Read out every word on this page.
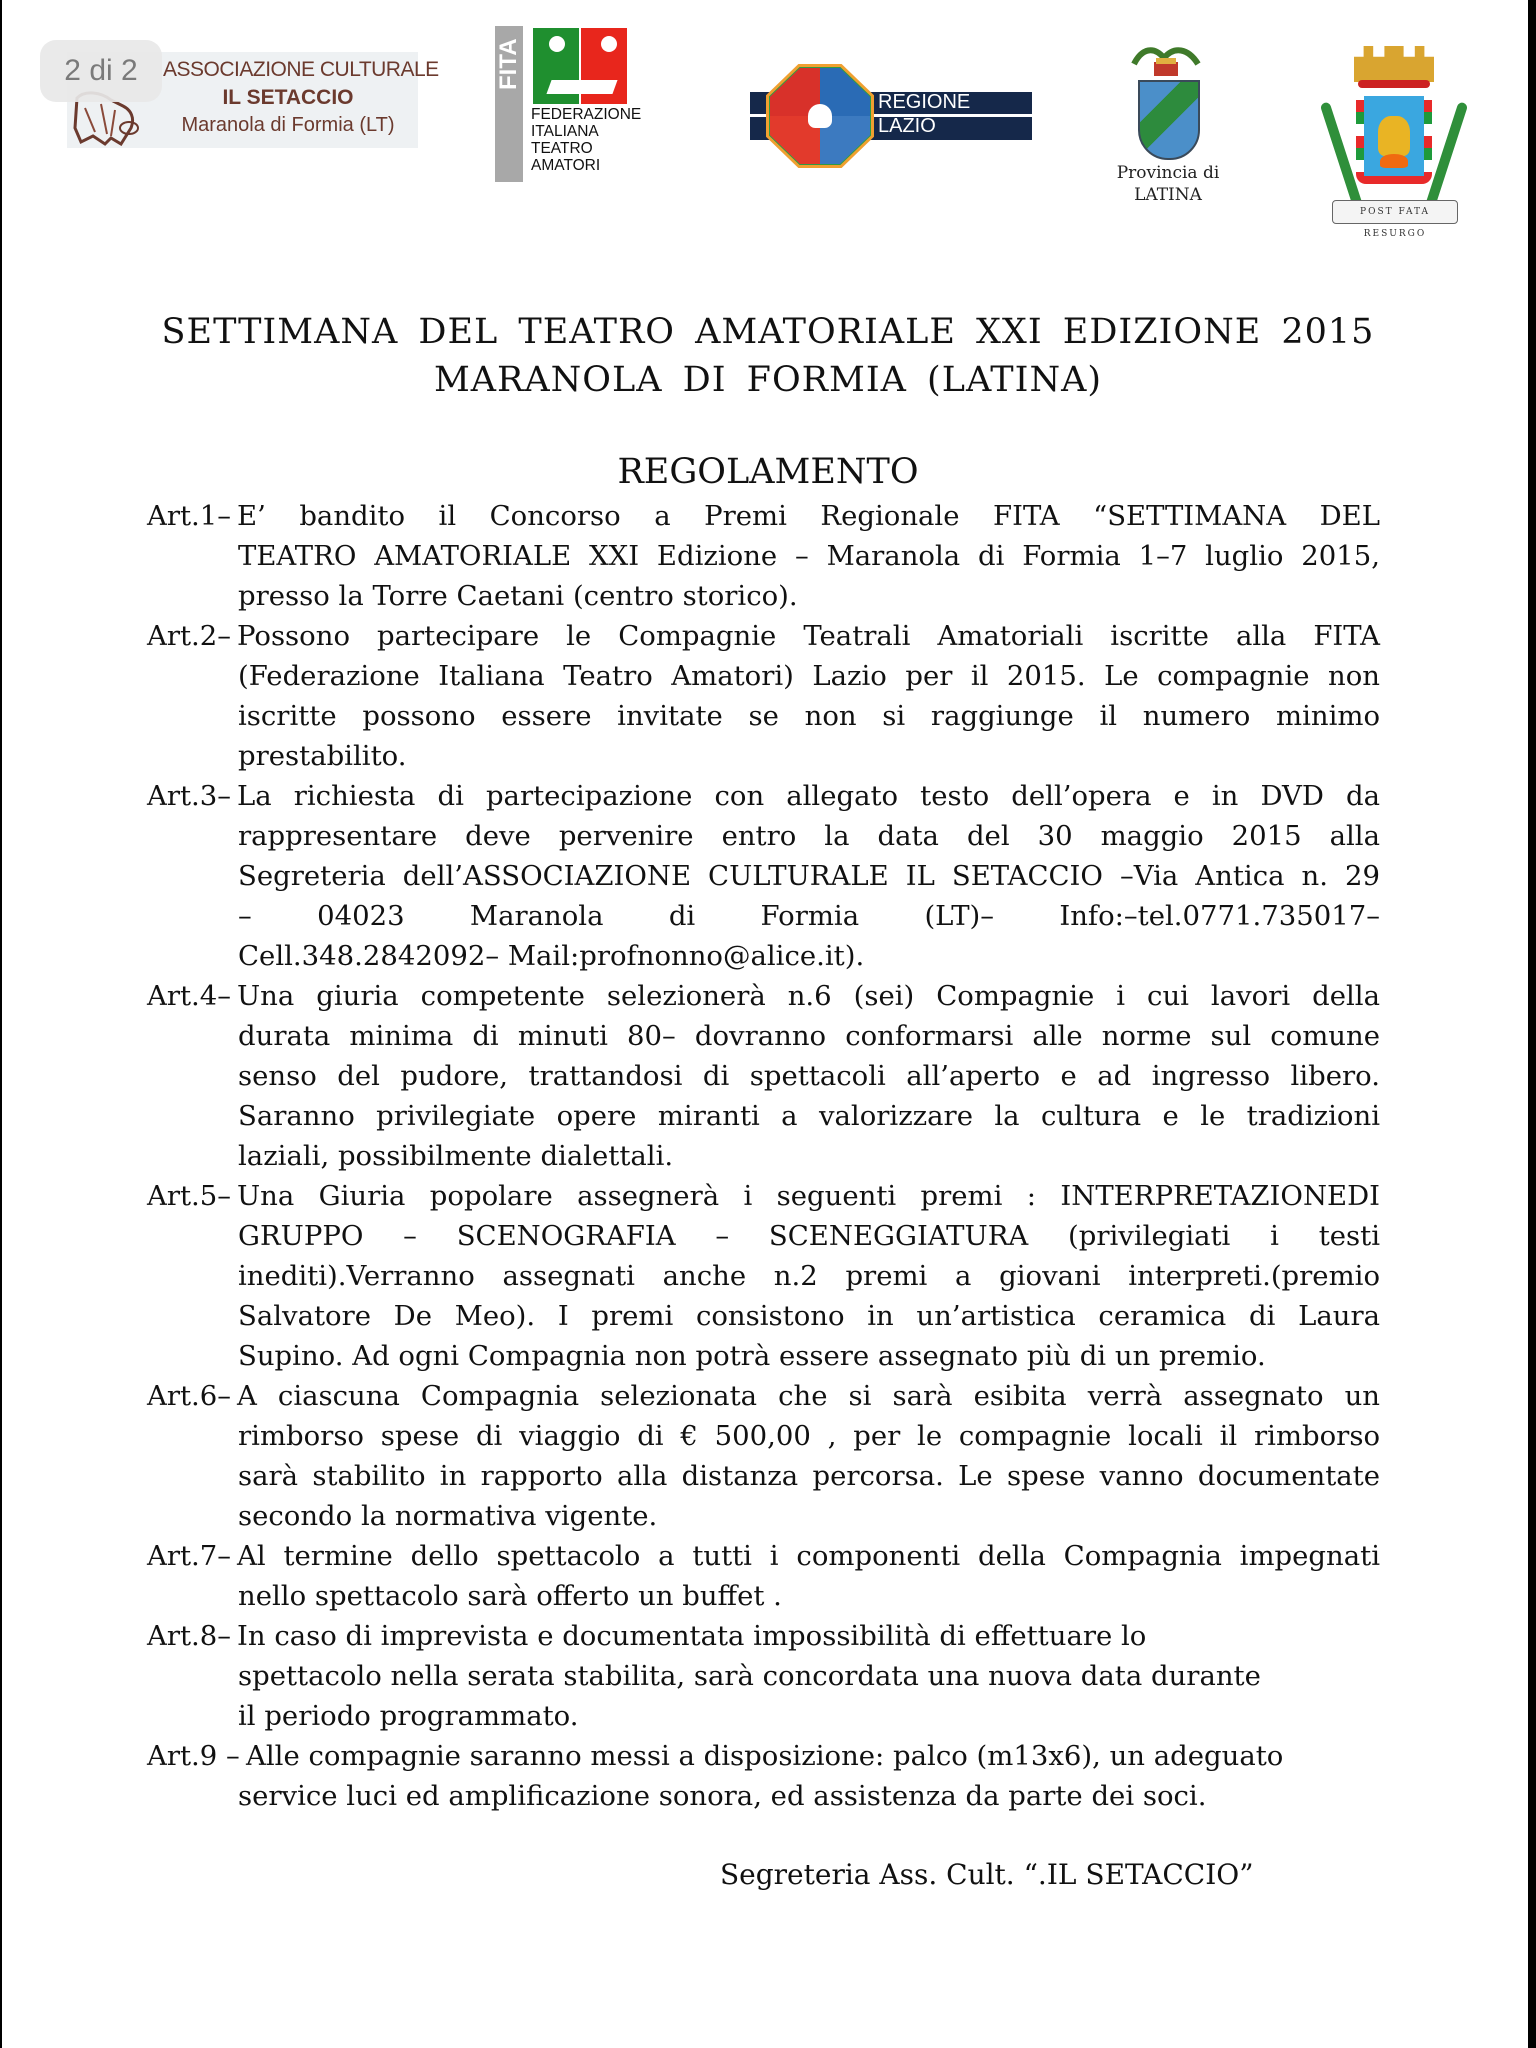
2 di 2	ASSOCIAZIONE CULTURALE
IL SETACCIO
Maranola di Formia (LT)
FITA
FEDERAZIONE
ITALIANA
TEATRO
AMATORI
REGIONE
LAZIO
Provincia di
LATINA
POST FATA RESURGO
SETTIMANA DEL TEATRO AMATORIALE XXI EDIZIONE 2015
MARANOLA DI FORMIA (LATINA)
REGOLAMENTO
Art.1– E’ bandito il Concorso a Premi Regionale FITA “SETTIMANA DEL
TEATRO AMATORIALE XXI Edizione – Maranola di Formia 1–7 luglio 2015,
presso la Torre Caetani (centro storico).
Art.2– Possono partecipare le Compagnie Teatrali Amatoriali iscritte alla FITA
(Federazione Italiana Teatro Amatori) Lazio per il 2015. Le compagnie non
iscritte possono essere invitate se non si raggiunge il numero minimo
prestabilito.
Art.3– La richiesta di partecipazione con allegato testo dell’opera e in DVD da
rappresentare deve pervenire entro la data del 30 maggio 2015 alla
Segreteria dell’ASSOCIAZIONE CULTURALE IL SETACCIO –Via Antica n. 29
– 04023 Maranola di Formia (LT)– Info:–tel.0771.735017–
Cell.348.2842092– Mail:profnonno@alice.it).
Art.4– Una giuria competente selezionerà n.6 (sei) Compagnie i cui lavori della
durata minima di minuti 80– dovranno conformarsi alle norme sul comune
senso del pudore, trattandosi di spettacoli all’aperto e ad ingresso libero.
Saranno privilegiate opere miranti a valorizzare la cultura e le tradizioni
laziali, possibilmente dialettali.
Art.5– Una Giuria popolare assegnerà i seguenti premi : INTERPRETAZIONEDI
GRUPPO – SCENOGRAFIA – SCENEGGIATURA (privilegiati i testi
inediti).Verranno assegnati anche n.2 premi a giovani interpreti.(premio
Salvatore De Meo). I premi consistono in un’artistica ceramica di Laura
Supino. Ad ogni Compagnia non potrà essere assegnato più di un premio.
Art.6– A ciascuna Compagnia selezionata che si sarà esibita verrà assegnato un
rimborso spese di viaggio di € 500,00 , per le compagnie locali il rimborso
sarà stabilito in rapporto alla distanza percorsa. Le spese vanno documentate
secondo la normativa vigente.
Art.7– Al termine dello spettacolo a tutti i componenti della Compagnia impegnati
nello spettacolo sarà offerto un buffet .
Art.8– In caso di imprevista e documentata impossibilità di effettuare lo
spettacolo nella serata stabilita, sarà concordata una nuova data durante
il periodo programmato.
Art.9 – Alle compagnie saranno messi a disposizione: palco (m13x6), un adeguato
service luci ed amplificazione sonora, ed assistenza da parte dei soci.
Segreteria Ass. Cult. “.IL SETACCIO”
